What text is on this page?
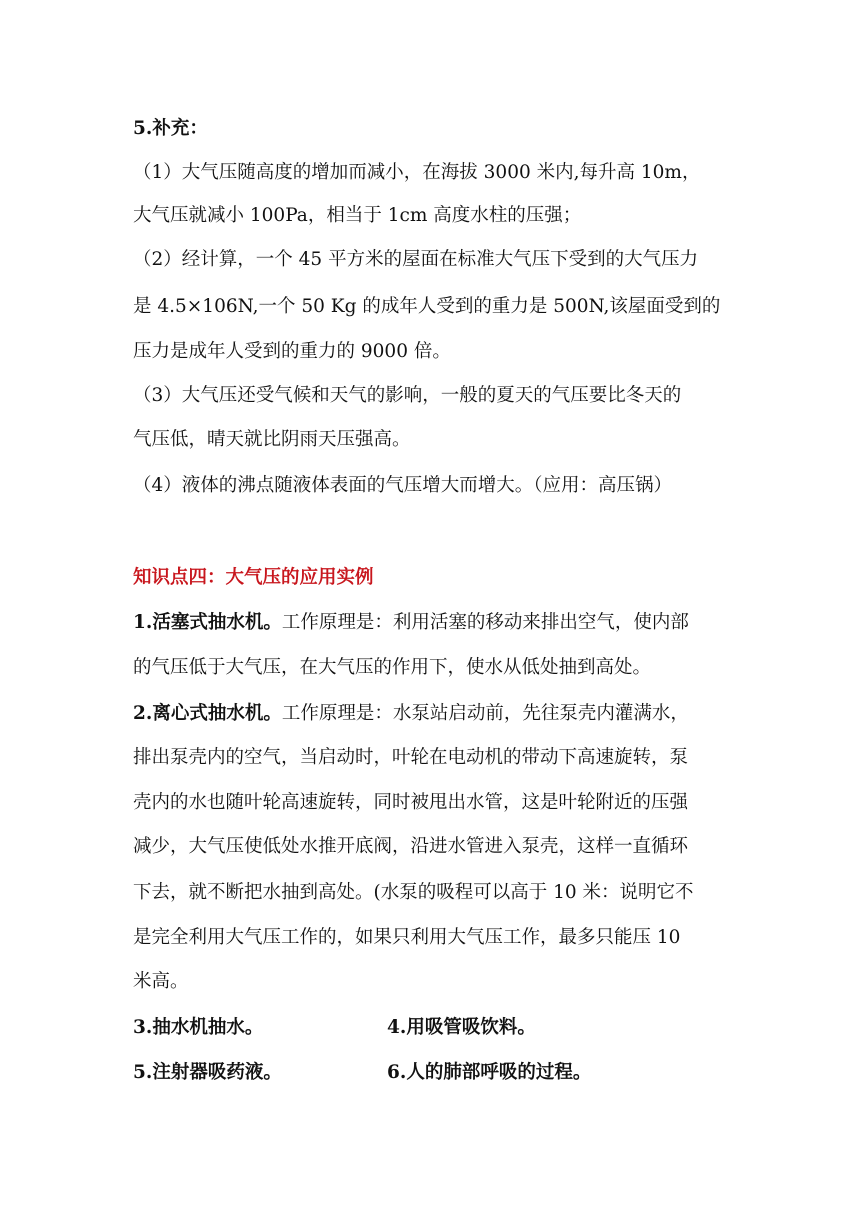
5.补充：
（1）大气压随高度的增加而减小，在海拔 3000 米内,每升高 10m，
大气压就减小 100Pa，相当于 1cm 高度水柱的压强；
（2）经计算，一个 45 平方米的屋面在标准大气压下受到的大气压力
是 4.5×106N,一个 50 Kg 的成年人受到的重力是 500N,该屋面受到的
压力是成年人受到的重力的 9000 倍。
（3）大气压还受气候和天气的影响，一般的夏天的气压要比冬天的
气压低，晴天就比阴雨天压强高。
（4）液体的沸点随液体表面的气压增大而增大。（应用：高压锅）
知识点四：大气压的应用实例
1.活塞式抽水机。工作原理是：利用活塞的移动来排出空气，使内部
的气压低于大气压，在大气压的作用下，使水从低处抽到高处。
2.离心式抽水机。工作原理是：水泵站启动前，先往泵壳内灌满水，
排出泵壳内的空气，当启动时，叶轮在电动机的带动下高速旋转，泵
壳内的水也随叶轮高速旋转，同时被甩出水管，这是叶轮附近的压强
减少，大气压使低处水推开底阀，沿进水管进入泵壳，这样一直循环
下去，就不断把水抽到高处。(水泵的吸程可以高于 10 米：说明它不
是完全利用大气压工作的，如果只利用大气压工作，最多只能压 10
米高。
3.抽水机抽水。	4.用吸管吸饮料。
5.注射器吸药液。	6.人的肺部呼吸的过程。
